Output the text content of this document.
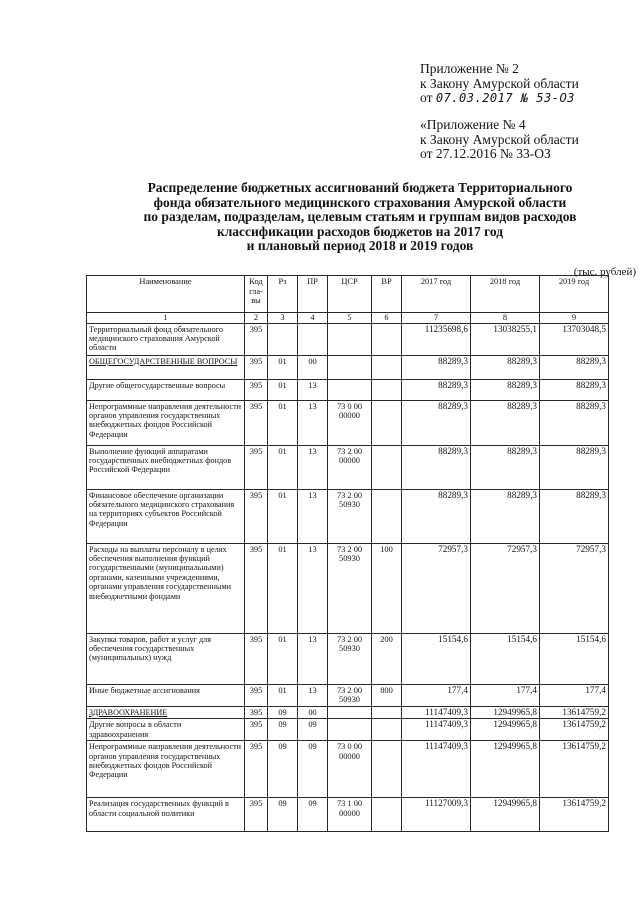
Приложение № 2
к Закону Амурской области
от 07.03.2017 № 53-ОЗ
«Приложение № 4
к Закону Амурской области
от 27.12.2016 № 33-ОЗ
Распределение бюджетных ассигнований бюджета Территориального
фонда обязательного медицинского страхования Амурской области
по разделам, подразделам, целевым статьям и группам видов расходов
классификации расходов бюджетов на 2017 год
и плановый период 2018 и 2019 годов
(тыс. рублей)
Наименование	Код гла-вы	Рз	ПР	ЦСР	ВР	2017 год	2018 год	2019 год
1	2	3	4	5	6	7	8	9
Территориальный фонд обязательного медицинского страхования Амурской области	395					11235698,6	13038255,1	13703048,5
ОБЩЕГОСУДАРСТВЕННЫЕ ВОПРОСЫ	395	01	00			88289,3	88289,3	88289,3
Другие общегосударственные вопросы	395	01	13			88289,3	88289,3	88289,3
Непрограммные направления деятельности органов управления государственных внебюджетных фондов Российской Федерации	395	01	13	73 0 00 00000		88289,3	88289,3	88289,3
Выполнение функций аппаратами государственных внебюджетных фондов Российской Федерации	395	01	13	73 2 00 00000		88289,3	88289,3	88289,3
Финансовое обеспечение организации обязательного медицинского страхования на территориях субъектов Российской Федерации	395	01	13	73 2 00 50930		88289,3	88289,3	88289,3
Расходы на выплаты персоналу в целях обеспечения выполнения функций государственными (муниципальными) органами, казенными учреждениями, органами управления государственными внебюджетными фондами	395	01	13	73 2 00 50930	100	72957,3	72957,3	72957,3
Закупка товаров, работ и услуг для обеспечения государственных (муниципальных) нужд	395	01	13	73 2 00 50930	200	15154,6	15154,6	15154,6
Иные бюджетные ассигнования	395	01	13	73 2 00 50930	800	177,4	177,4	177,4
ЗДРАВООХРАНЕНИЕ	395	09	00			11147409,3	12949965,8	13614759,2
Другие вопросы в области здравоохранения	395	09	09			11147409,3	12949965,8	13614759,2
Непрограммные направления деятельности органов управления государственных внебюджетных фондов Российской Федерации	395	09	09	73 0 00 00000		11147409,3	12949965,8	13614759,2
Реализация государственных функций в области социальной политики	395	09	09	73 1 00 00000		11127009,3	12949965,8	13614759,2
